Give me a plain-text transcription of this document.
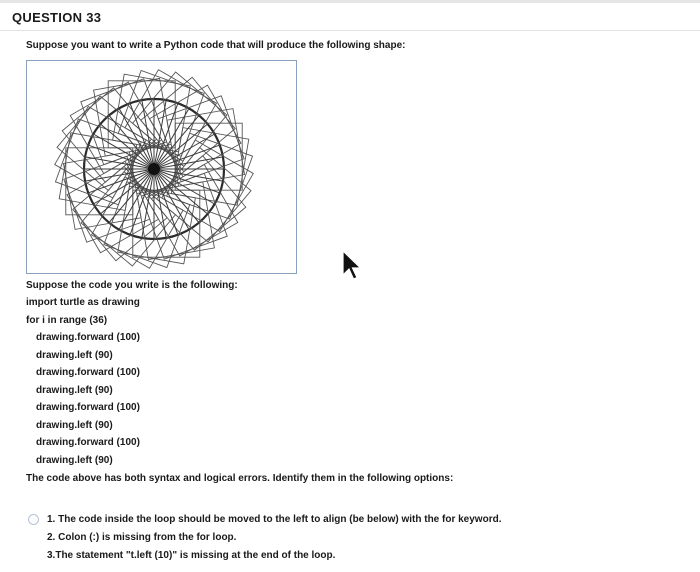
QUESTION 33
Suppose you want to write a Python code that will produce the following shape:
Suppose the code you write is the following:
import turtle as drawing
for i in range (36)
drawing.forward (100)
drawing.left (90)
drawing.forward (100)
drawing.left (90)
drawing.forward (100)
drawing.left (90)
drawing.forward (100)
drawing.left (90)
The code above has both syntax and logical errors. Identify them in the following options:
1. The code inside the loop should be moved to the left to align (be below) with the for keyword.
2. Colon (:) is missing from the for loop.
3.The statement "t.left (10)" is missing at the end of the loop.
